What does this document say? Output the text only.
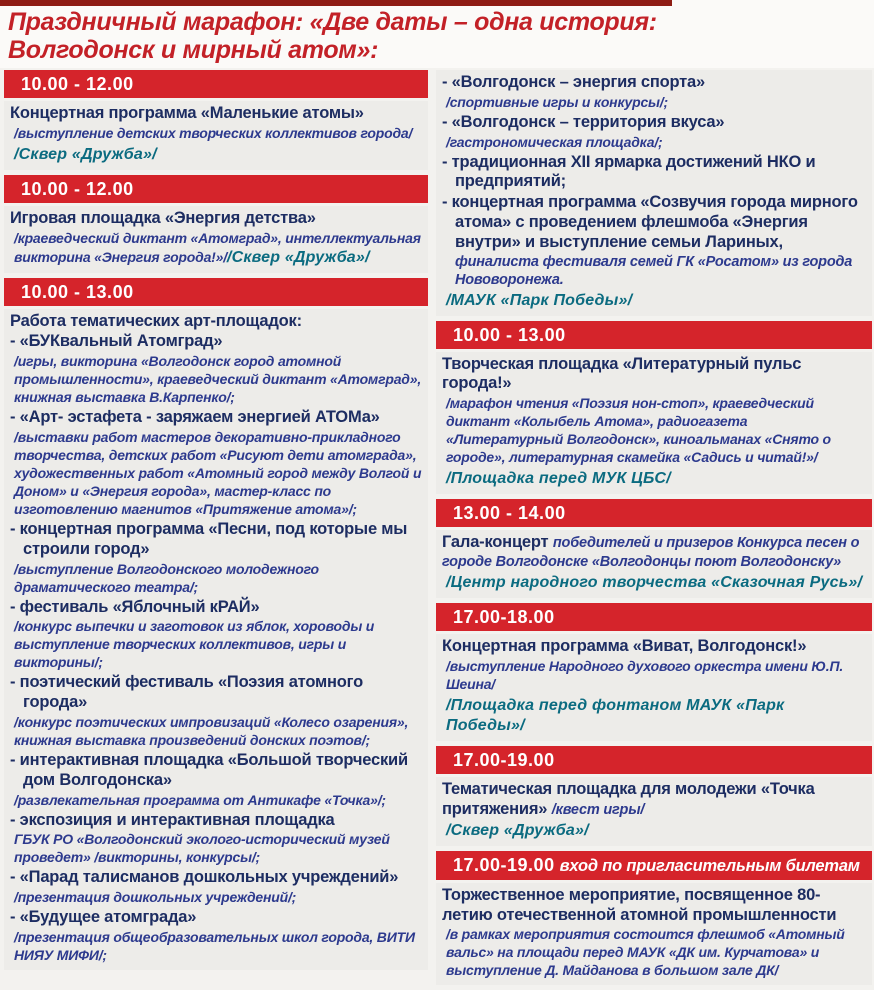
Праздничный марафон: «Две даты – одна история: Волгодонск и мирный атом»:
10.00 - 12.00
Концертная программа «Маленькие атомы»
/выступление детских творческих коллективов города/
/Сквер «Дружба»/
10.00 - 12.00
Игровая площадка «Энергия детства»
/краеведческий диктант «Атомград», интеллектуальная викторина «Энергия города!»//Сквер «Дружба»/
10.00 - 13.00
Работа тематических арт-площадок:
- «БУКвальный Атомград»
/игры, викторина «Волгодонск город атомной промышленности», краеведческий диктант «Атомград», книжная выставка В.Карпенко/;
- «Арт- эстафета - заряжаем энергией АТОМа»
/выставки работ мастеров декоративно-прикладного творчества, детских работ «Рисуют дети атомграда», художественных работ «Атомный город между Волгой и Доном» и «Энергия города», мастер-класс по изготовлению магнитов «Притяжение атома»/;
- концертная программа «Песни, под которые мы строили город»
/выступление Волгодонского молодежного драматического театра/;
- фестиваль «Яблочный кРАЙ»
/конкурс выпечки и заготовок из яблок, хороводы и выступление творческих коллективов, игры и викторины/;
- поэтический фестиваль «Поэзия атомного города»
/конкурс поэтических импровизаций «Колесо озарения», книжная выставка произведений донских поэтов/;
- интерактивная площадка «Большой творческий дом Волгодонска»
/развлекательная программа от Антикафе «Точка»/;
- экспозиция и интерактивная площадка
ГБУК РО «Волгодонский эколого-исторический музей проведет» /викторины, конкурсы/;
- «Парад талисманов дошкольных учреждений»
/презентация дошкольных учреждений/;
- «Будущее атомграда»
/презентация общеобразовательных школ города, ВИТИ НИЯУ МИФИ/;
- «Волгодонск – энергия спорта»
/спортивные игры и конкурсы/;
- «Волгодонск – территория вкуса»
/гастрономическая площадка/;
- традиционная XII ярмарка достижений НКО и предприятий;
- концертная программа «Созвучия города мирного атома» с проведением флешмоба «Энергия внутри» и выступление семьи Лариных, финалиста фестиваля семей ГК «Росатом» из города Нововоронежа.
/МАУК «Парк Победы»/
10.00 - 13.00
Творческая площадка «Литературный пульс города!»
/марафон чтения «Поэзия нон-стоп», краеведческий диктант «Колыбель Атома», радиогазета «Литературный Волгодонск», киноальманах «Снято о городе», литературная скамейка «Садись и читай!»/
/Площадка перед МУК ЦБС/
13.00 - 14.00
Гала-концерт победителей и призеров Конкурса песен о городе Волгодонске «Волгодонцы поют Волгодонску»
/Центр народного творчества «Сказочная Русь»/
17.00-18.00
Концертная программа «Виват, Волгодонск!»
/выступление Народного духового оркестра имени Ю.П. Шеина/
/Площадка перед фонтаном МАУК «Парк Победы»/
17.00-19.00
Тематическая площадка для молодежи «Точка притяжения» /квест игры/
/Сквер «Дружба»/
17.00-19.00 вход по пригласительным билетам
Торжественное мероприятие, посвященное 80-летию отечественной атомной промышленности
/в рамках мероприятия состоится флешмоб «Атомный вальс» на площади перед МАУК «ДК им. Курчатова» и выступление Д. Майданова в большом зале ДК/
